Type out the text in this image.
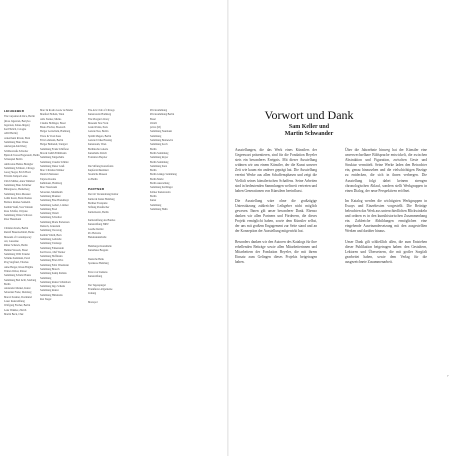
LEIHGEBER
The Carpenter & Rice, Berlin
(Rosa Jagersten, Bertyleo
Jagersten, Klaus-Jürgen)
Kai Ehrlich, Cologne
ADO Berlin)
Ackermann Rössle, Bern
Sammlung Haus Wiese
Ansbergen-Kirchberg
Schillerstraße Schreber
Bjørn & Teresa Hagerstedt, Berlin
Schauspiel Berlin
Ambrosius Hamas Brøngler
Sammlung Schitzen, Chicago
Georg Sieger, Erich Horst
Fridolin Tempel Lenss
Ulrich Müller, Anna Wimmel
Sammlung Haus Schirmer
Bittergraeve, Heidelberg
Sammlung Petra Messner
Lehm Kaatz, Barnd Kanna
Barbara Renner-Sanneim
Kathrin Weiß, Vera Wintam
Rosa Schäfer, Chiyoko
Sammlung Walter Schwarz
Peter Hausmann
Christian Krebs, Berlin
Rudolf Bauernschmid, Berne
Museum of Contemporary
Art, Lausanne
Rütter Schenck, Berlin
Helmut Wessels, Basel
Sammlung Willi Strieder
Schulke Kaminski, Pavel
Prag Siegfried, Thomas
Anne Berger, Klaus Brigitte
Tilman Weber, Pulsaz
Sammlung Schultz Hanns
Sammlung Bad Ischl, Salzburg
Berlin
Alexander Merkel, Kunst
Sebastian Franz, Duisburg
Marcel Kramer, Dortmund
Lauer Kunststiftung
Wolfgang Fischer, Berlin
Lena Winkler, Zürich
Martin Beck, Chur
Marc & Rosita Gouw de Mader
Manfred Hollein, Wien
Aldo Steiner, Mulko
Claudia Hollinger, Basel
Bruno Fischer, Eisenach
Holger Gottschalk, Hamburg
Thore & Vroni Kass
Fritz Lehmann, Berlin
Holger Behrendt, Stuttgart
Sammlung Frank Schifferer
Max & Judith Frühlmann
Sammlung Sängerhalle
Sammlung Claudia Schiller
Sammlung Dieter Gruß
Marc Christian Wehner
Dietrich Meissner
Tatjana Rosalie
Kuhlmann, Hamburg
Marc Nussbaum
Sebastian, Mannheim
Sammlung Mautner
Sammlung Elke Brandmayr
Sammlung Gellert, Lindner
Sammlung Eisel
Sammlung Wendt
Sammlung Schreiber
Sammlung Marie Prebensen
Dentsch, Jerusalem
Sammlung Vorzewig
Kathrin Würth, Bern
Sammlung Gabrielle
Sammlung Taxburge
Sammlung Falkenstein
Kai Drews, Olaf Werner
Sammlung Hoffmann
Sammlung Ellen Wicz
Sammlung Felix Wiesmann
Sammlung Brauch
Sammlung Kamp Perkins
Sammlung
Sammlung Rainer Schönborn
Sammlung Ingo Schenk
Sammlung Rektor
Sammlung Hülsmann
Rex Sieger
The Arts Club of Chicago
Kunstverein Hamburg
The Morgan Library
Museum New York
Grand Palais, Paris
Galerie Neu, Berlin
Sprüth Magers, Berlin
Galerie Ulrike Hassing
Kunstraum, Wien
Berlinische Galerie
Kunsthalle Zürich
Fondation Beyeler
Die Stiftung Kunstfonds
Kupferstichkabinett
Staatliche Museen
zu Berlin
PARTNER
Der Ort Veranstaltung Kultur
Kultur & Kunst Hamburg
Berliner Festspiele
Stiftung Preußischer
Kulturbesitz, Berlin
Kulturstiftung des Bundes
Kunststiftung NRW
Goethe Institut
Pro Helvetia
Bundeskunsthalle
Hamburger Kunsthalle
Kunsthaus Bregenz
Deutsche Bank
Sparkasse Hamburg
Ernst von Siemens
Kunststiftung
Der Tagesspiegel
Frankfurter Allgemeine
Zeitung
Monopol
Privatsammlung
Privatsammlung Berlin
Basel
Zürich
privat (M)
Sammlung Neumann
Sammlung
Sammlung Bennewitz
Sammlung Koch
Berlin
Berlin Sammlung
Sammlung Reyer
Berlin Sammlung
Sammlung Kurz
Berlin
Berlin Ginkgo Sammlung
Berlin Markt
Berlin Ausstellung
Sammlung Kröllinger
Kölner Kunstverein
Berlin
Kunst
Sammlung
Sammlung Hahn
Vorwort und Dank
Sam Keller und
Martin Schwander

Ausstellungen, die das Werk eines Künstlers der Gegenwart präsentieren, sind für die Fondation Beyeler stets ein besonderes Ereignis. Mit dieser Ausstellung widmen wir uns einem Künstler, der die Kunst unserer Zeit wie kaum ein anderer geprägt hat. Die Ausstellung vereint Werke aus allen Schaffensphasen und zeigt die Vielfalt seines künstlerischen Schaffens. Seine Arbeiten sind in bedeutenden Sammlungen weltweit vertreten und haben Generationen von Künstlern beeinflusst.

Die Ausstellung wäre ohne die großzügige Unterstützung zahlreicher Leihgeber nicht möglich gewesen. Ihnen gilt unser besonderer Dank. Ebenso danken wir allen Partnern und Förderern, die dieses Projekt ermöglicht haben, sowie dem Künstler selbst, der uns mit großem Engagement zur Seite stand und an der Konzeption der Ausstellung mitgewirkt hat.

Besonders danken wir den Autoren des Katalogs für ihre erhellenden Beiträge sowie allen Mitarbeiterinnen und Mitarbeitern der Fondation Beyeler, die mit ihrem Einsatz zum Gelingen dieses Projekts beigetragen haben.

Über die Jahrzehnte hinweg hat der Künstler eine unverwechselbare Bildsprache entwickelt, die zwischen Abstraktion und Figuration, zwischen Geste und Struktur vermittelt. Seine Werke laden den Betrachter ein, genau hinzusehen und die vielschichtigen Bezüge zu entdecken, die sich in ihnen verbergen. Die Ausstellung folgt dabei keinem strengen chronologischen Ablauf, sondern stellt Werkgruppen in einen Dialog, der neue Perspektiven eröffnet.

Im Katalog werden die wichtigsten Werkgruppen in Essays und Einzeltexten vorgestellt. Die Beiträge beleuchten das Werk aus unterschiedlichen Blickwinkeln und ordnen es in den kunsthistorischen Zusammenhang ein. Zahlreiche Abbildungen ermöglichen eine eingehende Auseinandersetzung mit den ausgestellten Werken und darüber hinaus.

Unser Dank gilt schließlich allen, die zum Entstehen dieser Publikation beigetragen haben: den Gestaltern, Lektoren und Übersetzern, die mit großer Sorgfalt gearbeitet haben, sowie dem Verlag für die ausgezeichnete Zusammenarbeit.

7
